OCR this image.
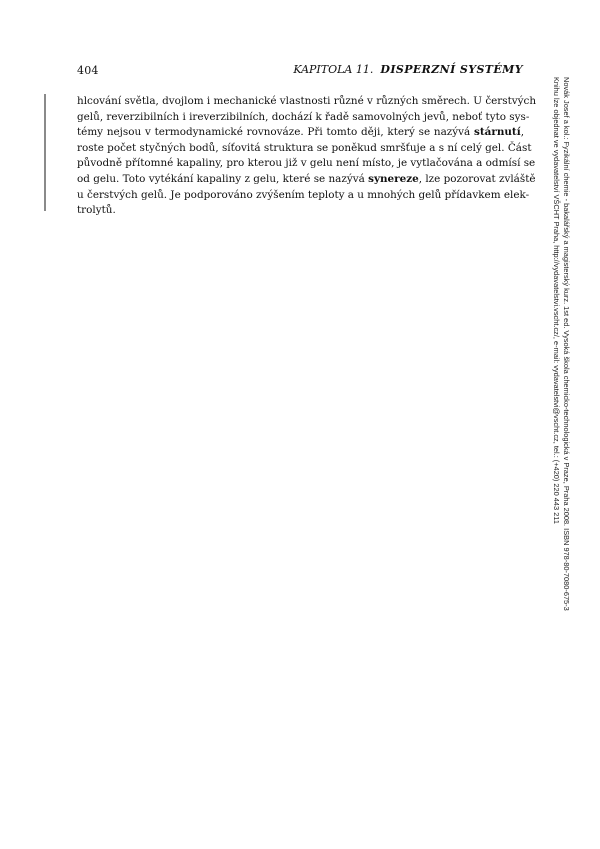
404	KAPITOLA 11. DISPERZNÍ SYSTÉMY
hlcování světla, dvojlom i mechanické vlastnosti různé v různých směrech. U čerstvých
gelů, reverzibilních i ireverzibilních, dochází k řadě samovolných jevů, neboť tyto sys-
témy nejsou v termodynamické rovnováze. Při tomto ději, který se nazývá stárnutí,
roste počet styčných bodů, síťovitá struktura se poněkud smršťuje a s ní celý gel. Část
původně přítomné kapaliny, pro kterou již v gelu není místo, je vytlačována a odmísí se
od gelu. Toto vytékání kapaliny z gelu, které se nazývá synereze, lze pozorovat zvláště
u čerstvých gelů. Je podporováno zvýšením teploty a u mnohých gelů přídavkem elek-
trolytů.	Novák Josef a kol.: Fyzikální chemie - bakalářský a magisterský kurz. 1st ed. Vysoká škola chemicko-technologická v Praze, Praha 2008. ISBN 978-80-7080-675-3
Knihu lze objednat ve vydavatelství VŠCHT Praha, http://vydavatelstvi.vscht.cz/, e-mail: vydavatelstvi@vscht.cz, tel.: (+420) 220 443 211
